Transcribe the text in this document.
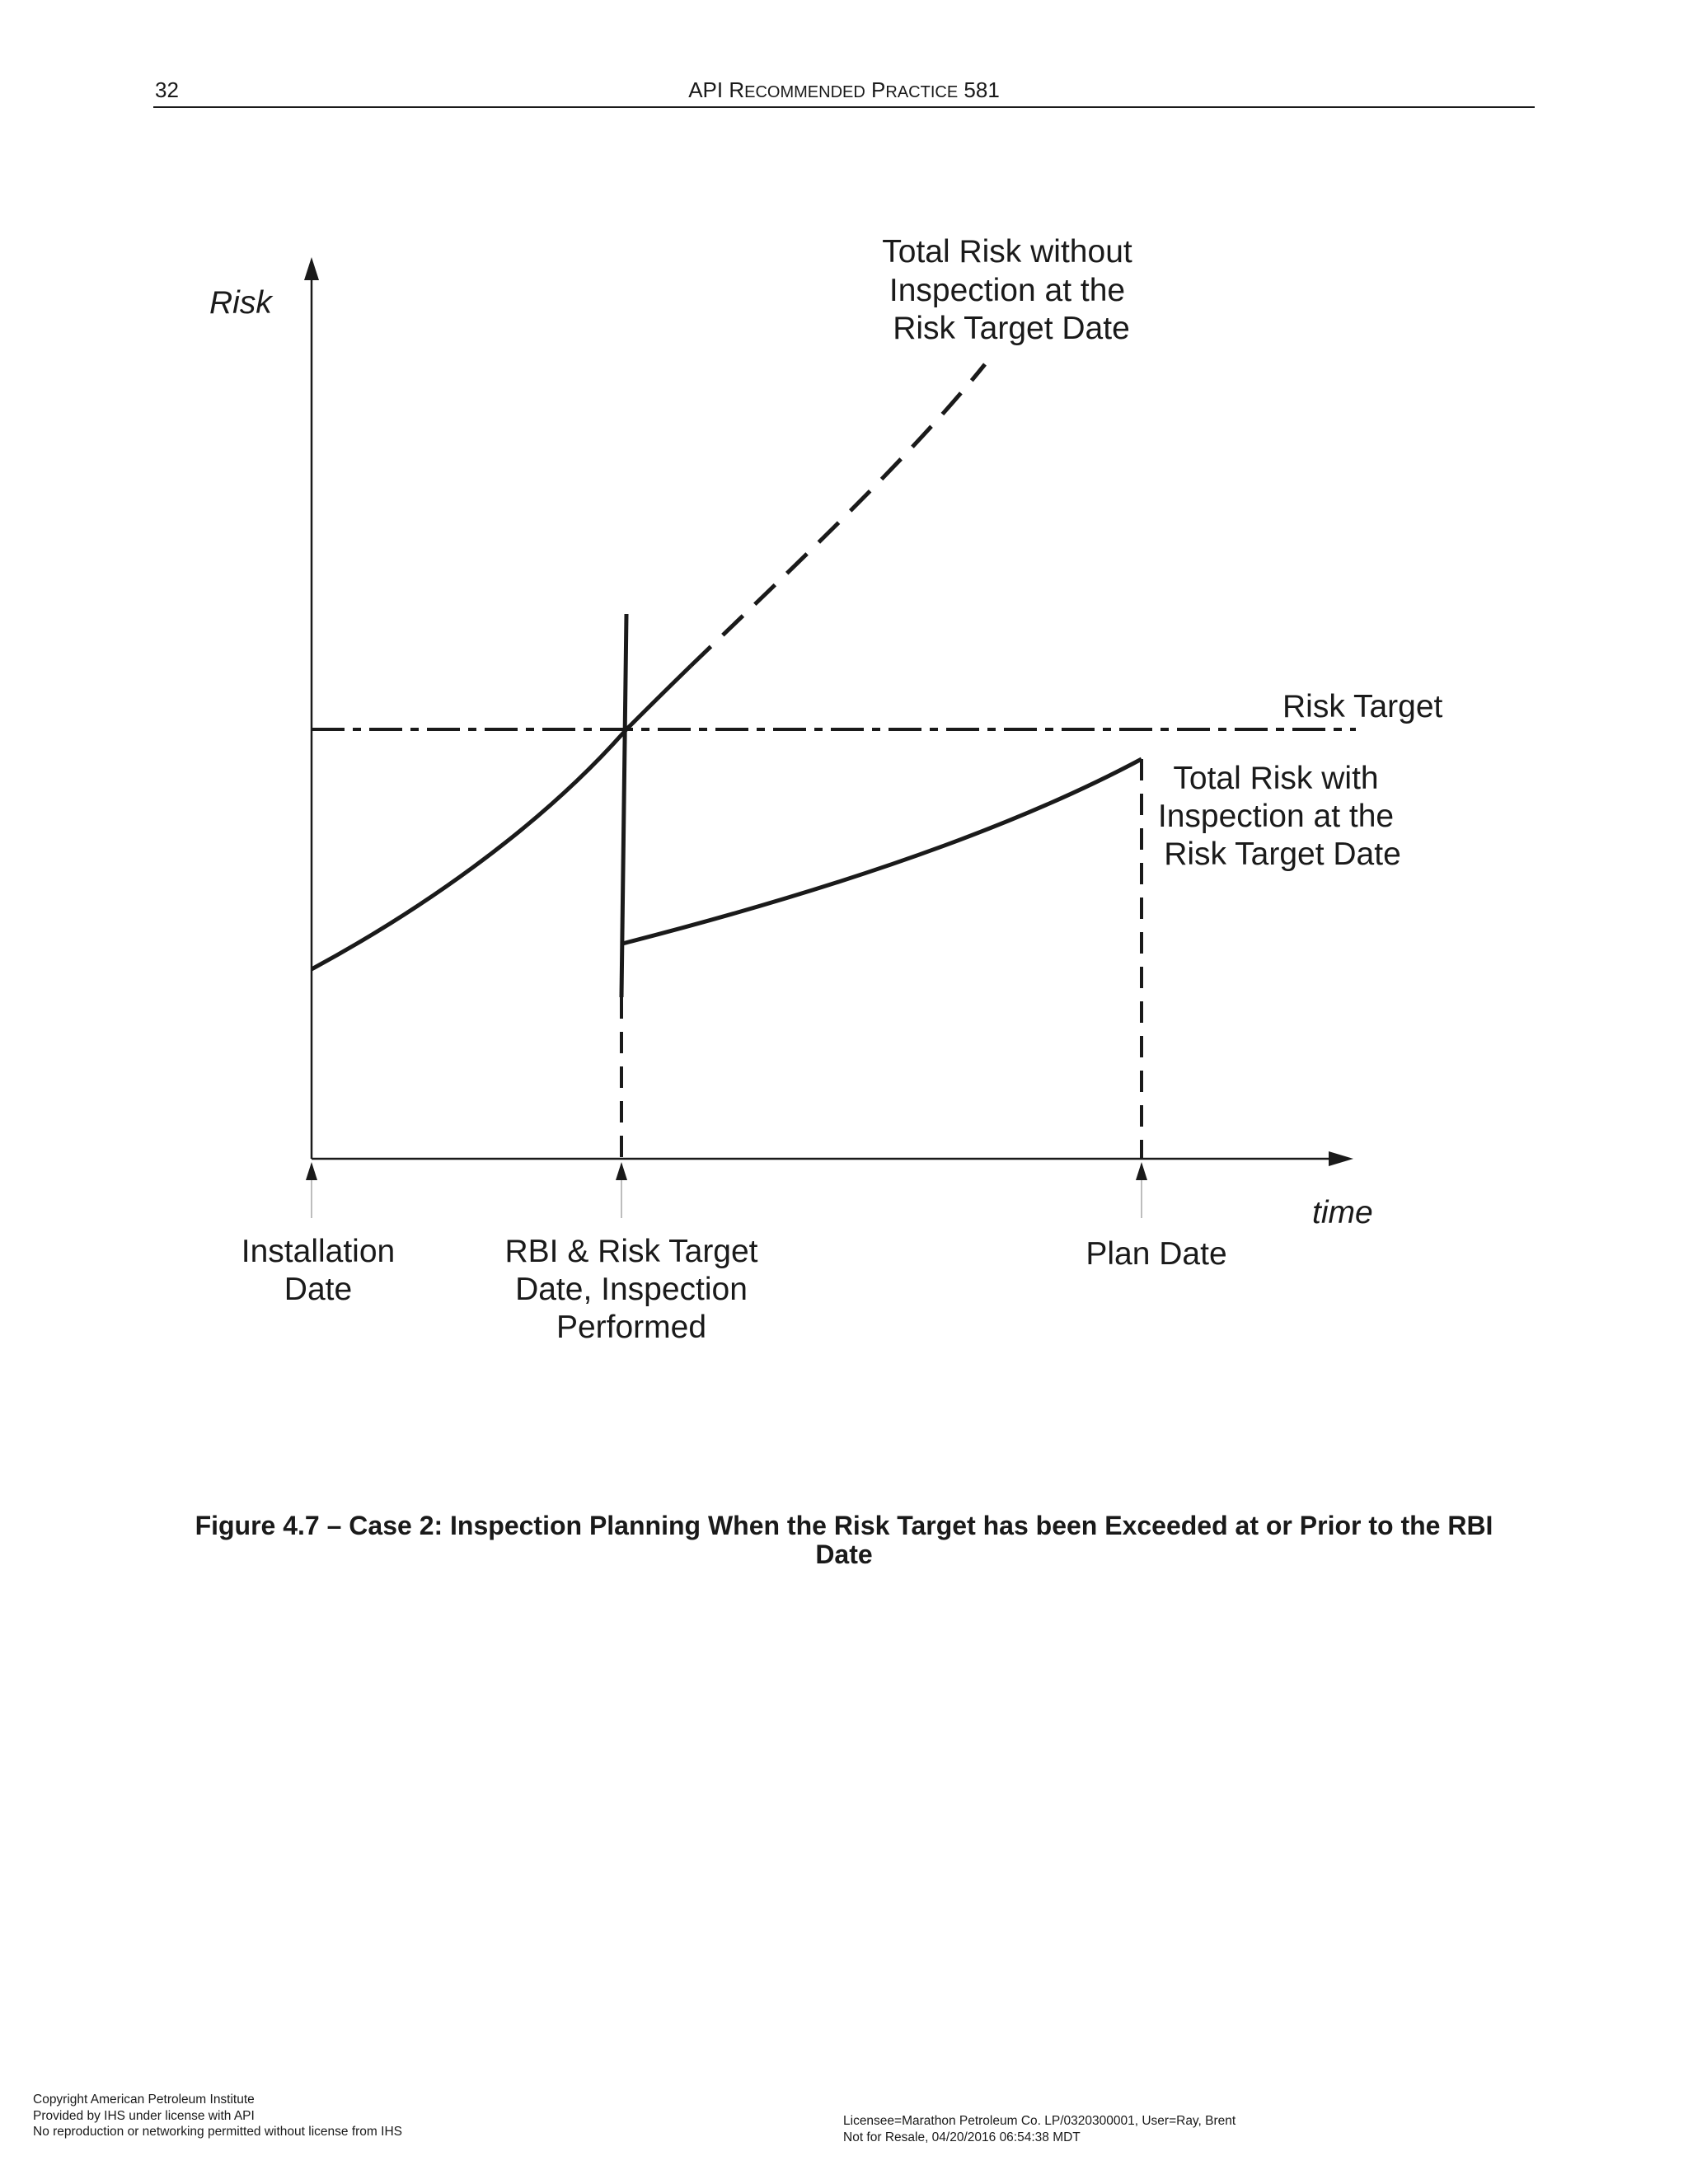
32	API RECOMMENDED PRACTICE 581
Risk
time
Total Risk without
Inspection at the
Risk Target Date
Risk Target
Total Risk with
Inspection at the
Risk Target Date
Installation
Date
RBI & Risk Target
Date, Inspection
Performed
Plan Date
Figure 4.7 – Case 2: Inspection Planning When the Risk Target has been Exceeded at or Prior to the RBI
Date
Copyright American Petroleum Institute
Provided by IHS under license with API
No reproduction or networking permitted without license from IHS
Licensee=Marathon Petroleum Co. LP/0320300001, User=Ray, Brent
Not for Resale, 04/20/2016 06:54:38 MDT
